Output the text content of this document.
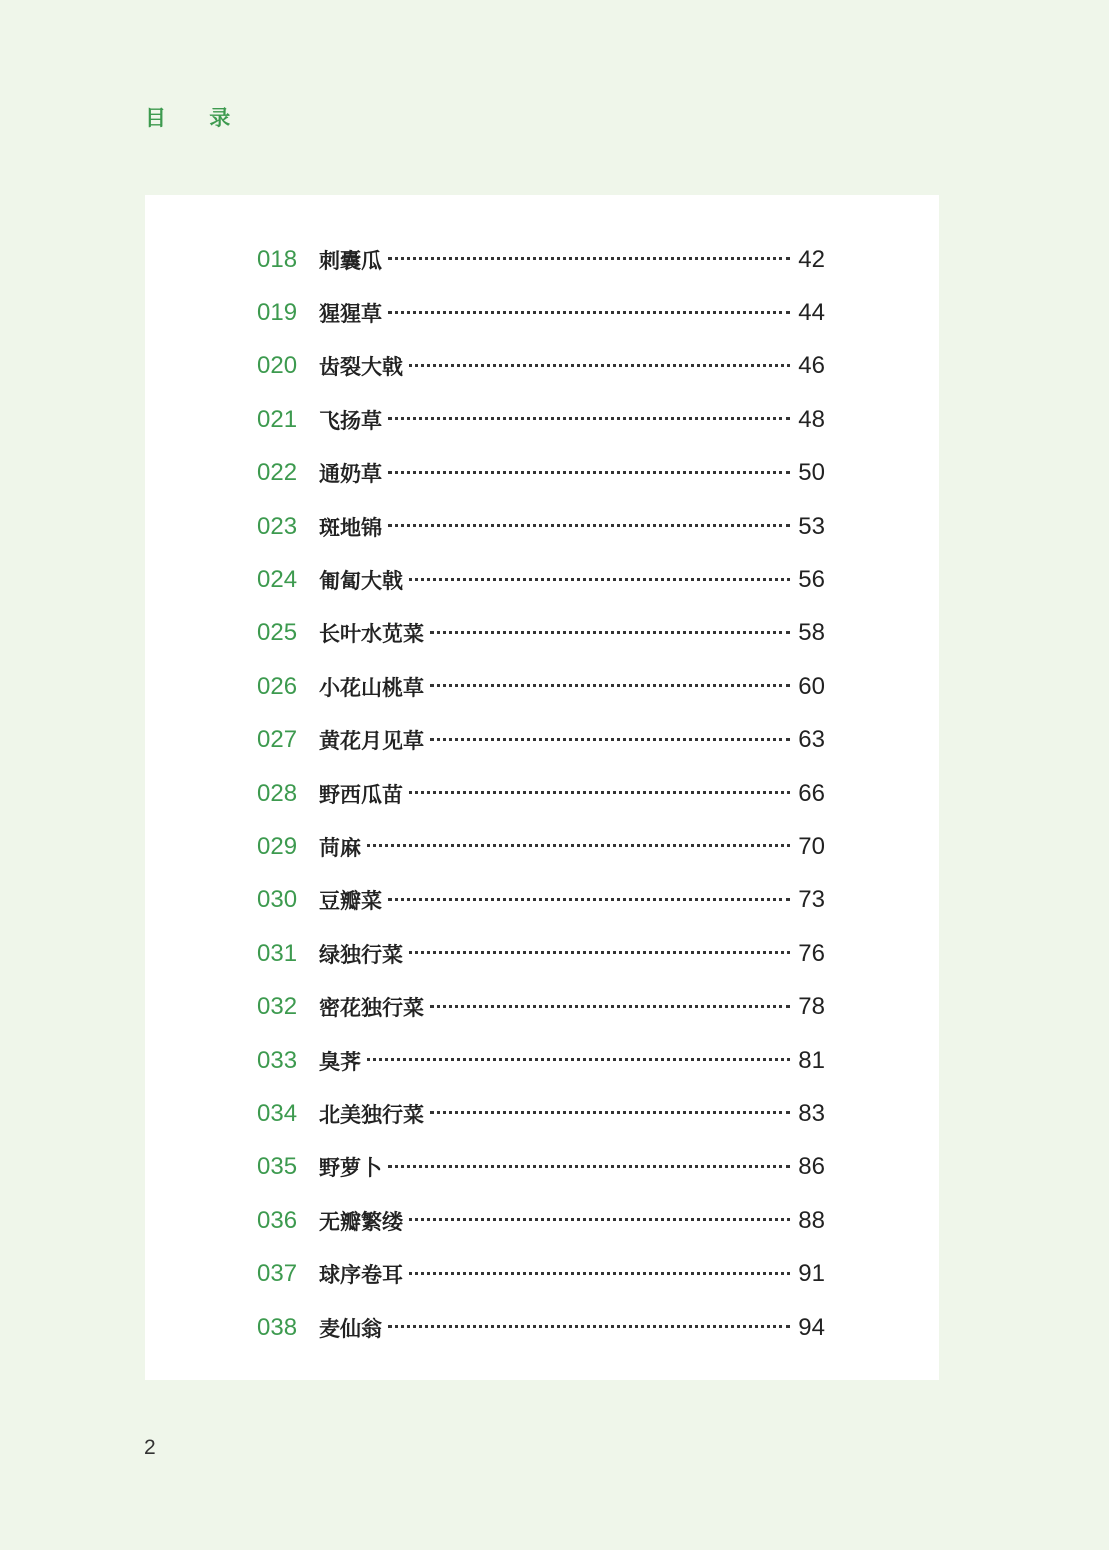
目 录
018	刺囊瓜	42
019	猩猩草	44
020	齿裂大戟	46
021	飞扬草	48
022	通奶草	50
023	斑地锦	53
024	匍匐大戟	56
025	长叶水苋菜	58
026	小花山桃草	60
027	黄花月见草	63
028	野西瓜苗	66
029	苘麻	70
030	豆瓣菜	73
031	绿独行菜	76
032	密花独行菜	78
033	臭荠	81
034	北美独行菜	83
035	野萝卜	86
036	无瓣繁缕	88
037	球序卷耳	91
038	麦仙翁	94

2
